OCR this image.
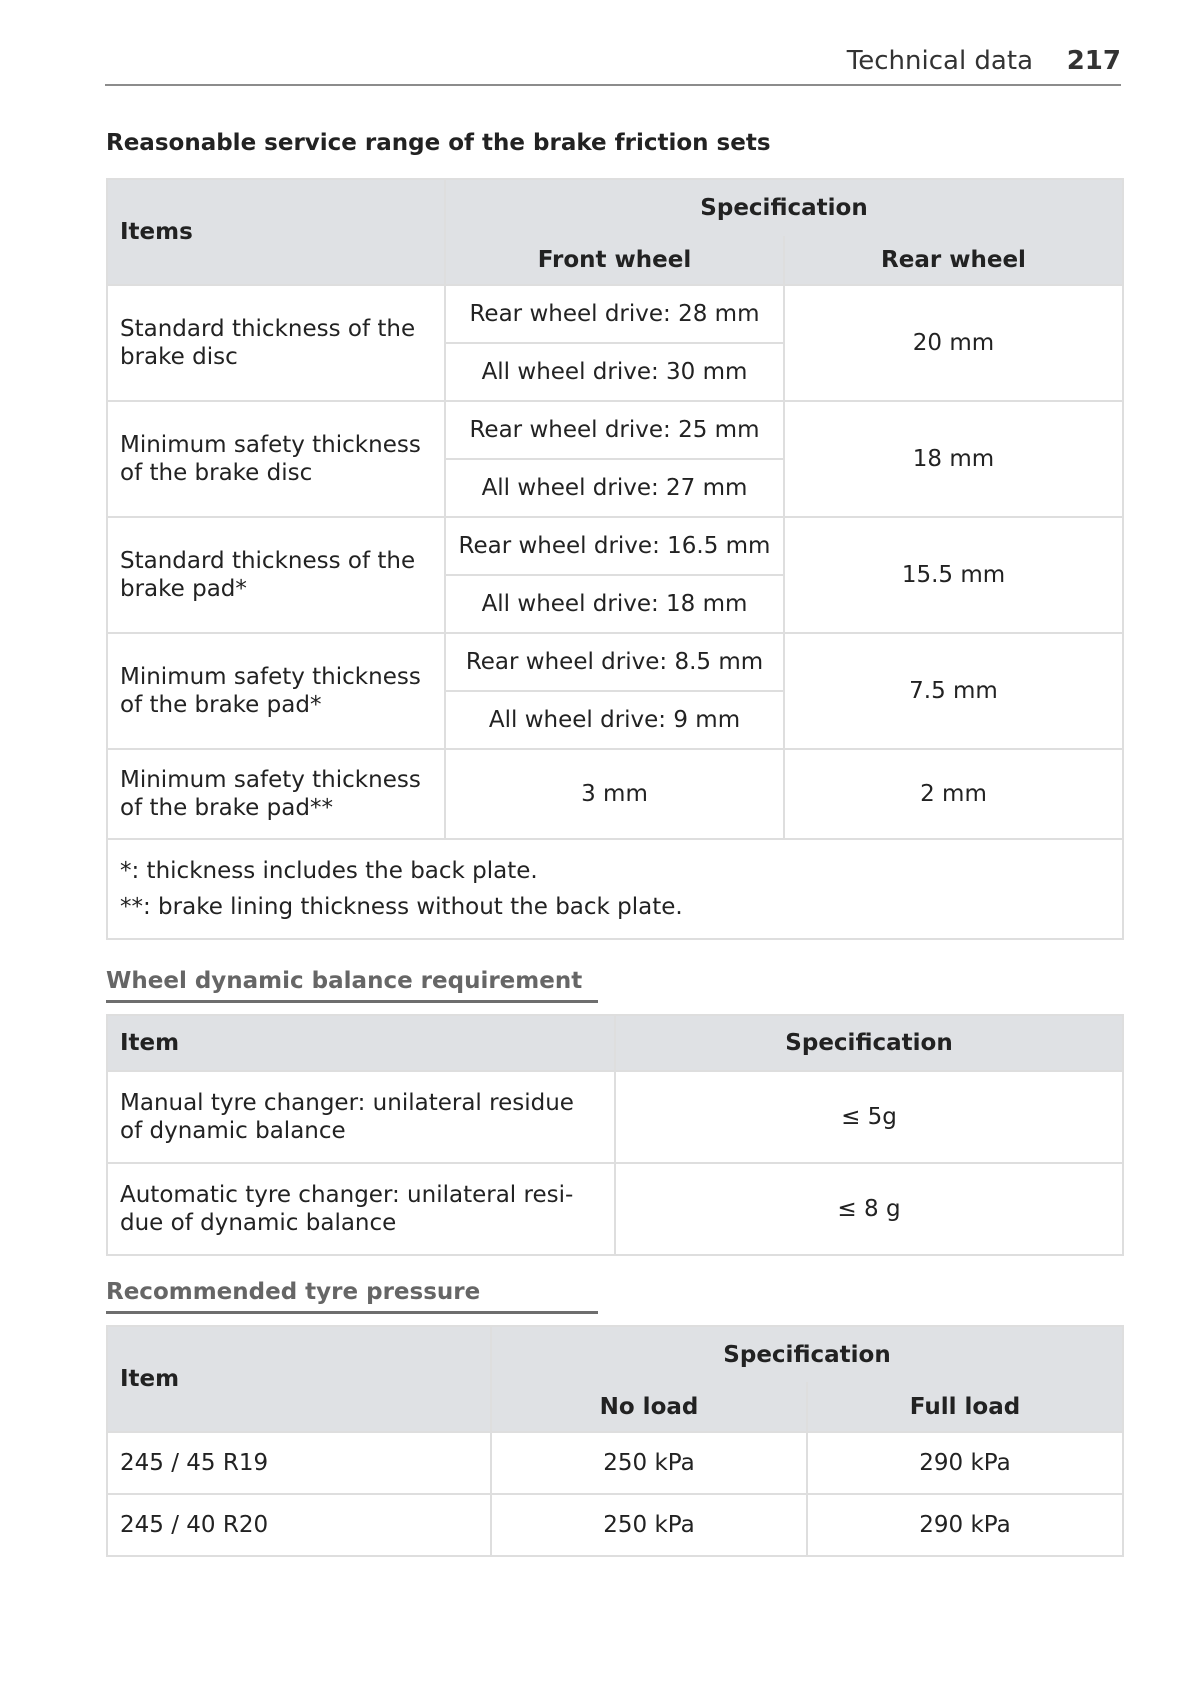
Technical data 217
Reasonable service range of the brake friction sets
Items	Specification	
	Front wheel	Rear wheel
Standard thickness of the brake disc	Rear wheel drive: 28 mm	20 mm
	All wheel drive: 30 mm	
Minimum safety thickness of the brake disc	Rear wheel drive: 25 mm	18 mm
	All wheel drive: 27 mm	
Standard thickness of the brake pad*	Rear wheel drive: 16.5 mm	15.5 mm
	All wheel drive: 18 mm	
Minimum safety thickness of the brake pad*	Rear wheel drive: 8.5 mm	7.5 mm
	All wheel drive: 9 mm	
Minimum safety thickness of the brake pad**	3 mm	2 mm

*: thickness includes the back plate.
**: brake lining thickness without the back plate.		
Wheel dynamic balance requirement
Item	Specification
Manual tyre changer: unilateral residue of dynamic balance	≤ 5g
Automatic tyre changer: unilateral resi-due of dynamic balance	≤ 8 g
Recommended tyre pressure
Item	Specification	
	No load	Full load
245 / 45 R19	250 kPa	290 kPa
245 / 40 R20	250 kPa	290 kPa
